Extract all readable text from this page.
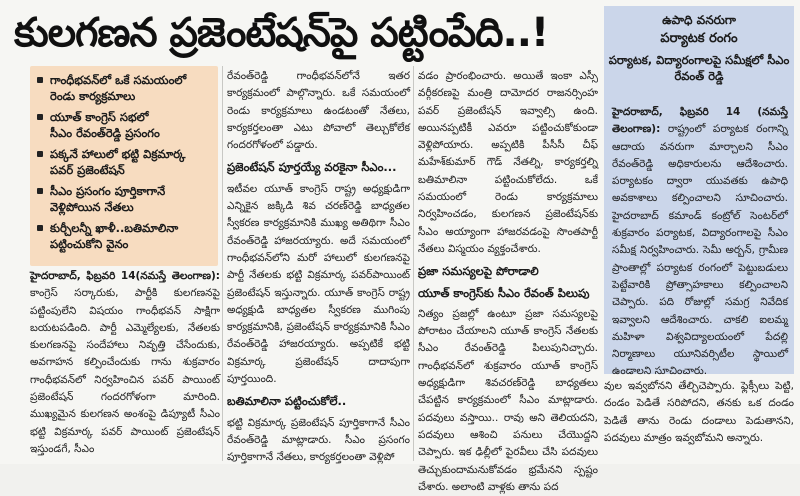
కులగణన ప్రజెంటేషన్‌పై పట్టింపేది..!
గాంధీభవన్‌లో ఒకే సమయంలో
రెండు కార్యక్రమాలు
యూత్ కాంగ్రెస్ సభలో
సీఎం రేవంత్‌రెడ్డి ప్రసంగం
పక్కనే హాలులో భట్టి విక్రమార్క
పవర్ ప్రజెంటేషన్
సీఎం ప్రసంగం పూర్తికాగానే
వెళ్లిపోయిన నేతలు
కుర్చీలన్నీ ఖాళీ..బతిమాలినా
పట్టించుకోని వైనం

హైదరాబాద్, ఫిబ్రవరి 14(నమస్తే తెలంగాణ): కాంగ్రెస్ సర్కారుకు, పార్టీకి కులగణనపై పట్టింపులేని విషయం గాంధీభవన్ సాక్షిగా బయటపడింది. పార్టీ ఎమ్మెల్యేలకు, నేతలకు కులగణనపై సందేహాలు నివృత్తి చేసేందుకు, అవగాహన కల్పించేందుకు గాను శుక్రవారం గాంధీభవన్‌లో నిర్వహించిన పవర్ పాయింట్ ప్రజెంటేషన్ గందరగోళంగా మారింది. ముఖ్యమైన కులగణన అంశంపై డిప్యూటీ సీఎం భట్టి విక్రమార్క పవర్ పాయింట్ ప్రజెంటేషన్ ఇస్తుండగే, సీఎం

రేవంత్‌రెడ్డి గాంధీభవన్‌లోనే ఇతర కార్యక్రమంలో పాల్గొన్నారు. ఒకే సమయంలో రెండు కార్యక్రమాలు ఉండటంతో నేతలు, కార్యకర్తలంతా ఎటు పోవాలో తెల్చుకోలేక గందరగోళంలో పడ్డారు.

ప్రజెంటేషన్ పూర్తయ్యే వరకైనా సీఎం...

ఇటీవల యూత్ కాంగ్రెస్ రాష్ట్ర అధ్యక్షుడిగా ఎన్నికైన జక్కిడి శివ చరణ్‌రెడ్డి బాధ్యతల స్వీకరణ కార్యక్రమానికి ముఖ్య అతిథిగా సీఎం రేవంత్‌రెడ్డి హాజరయ్యారు. అదే సమయంలో గాంధీభవన్‌లోని మరో హాలులో కులగణనపై పార్టీ నేతలకు భట్టి విక్రమార్క పవర్‌పాయింట్ ప్రజెంటేషన్ ఇస్తున్నారు. యూత్ కాంగ్రెస్ రాష్ట్ర అధ్యక్షుడి బాధ్యతల స్వీకరణ ముగింపు కార్యక్రమానికి, ప్రజెంటేషన్ కార్యక్రమానికి సీఎం రేవంత్‌రెడ్డి హాజరయ్యారు. అప్పటికే భట్టి విక్రమార్క ప్రజెంటేషన్ దాదాపుగా పూర్తయింది.

బతిమాలినా పట్టించుకోలే..

భట్టి విక్రమార్క ప్రజెంటేషన్ పూర్తికాగానే సీఎం రేవంత్‌రెడ్డి మాట్లాడారు. సీఎం ప్రసంగం పూర్తికాగానే నేతలు, కార్యకర్తలంతా వెళ్లిపో

వడం ప్రారంభించారు. అయితే ఇంకా ఎస్సీ వర్గీకరణపై మంత్రి దామోదర రాజనర్సింహ పవర్ ప్రజెంటేషన్ ఇవ్వాల్సి ఉంది. అయినప్పటికీ ఎవరూ పట్టించుకోకుండా వెళ్లిపోయారు. అప్పటికి పీసీసీ చీఫ్ మహేశ్‌కుమార్ గౌడ్ నేతల్ని, కార్యకర్తల్ని బతిమాలినా పట్టించుకోలేదు. ఒకే సమయంలో రెండు కార్యక్రమాలు నిర్వహించడం, కులగణన ప్రజెంటేషన్‌కు సీఎం అయ్యాంగా హాజరవడంపై సొంతపార్టీ నేతలు విస్మయం వ్యక్తంచేశారు.

ప్రజా సమస్యలపై పోరాడాలి
యూత్ కాంగ్రెస్‌కు సీఎం రేవంత్ పిలుపు

నిత్యం ప్రజల్లో ఉంటూ ప్రజా సమస్యలపై పోరాటం చేయాలని యూత్ కాంగ్రెస్ నేతలకు సీఎం రేవంత్‌రెడ్డి పిలుపునిచ్చారు. గాంధీభవన్‌లో శుక్రవారం యూత్ కాంగ్రెస్ అధ్యక్షుడిగా శివచరణ్‌రెడ్డి బాధ్యతలు చేపట్టిన కార్యక్రమంలో సీఎం మాట్లాడారు. పదవులు వస్తాయి.. రావు అని తెలియదని, పదవులు ఆశించి పనులు చేయొద్దని చెప్పారు. ఇక ఢిల్లీలో పైరవీలు చేసి పదవులు తెచ్చుకుందామనుకోవడం భ్రమేనని స్పష్టం చేశారు. అలాంటి వాళ్లకు తాను పద

ఉపాధి వనరుగా
పర్యాటక రంగం
పర్యాటక, విద్యారంగాలపై సమీక్షలో సీఎం రేవంత్ రెడ్డి
హైదరాబాద్, ఫిబ్రవరి 14 (నమస్తే తెలంగాణ): రాష్ట్రంలో పర్యాటక రంగాన్ని ఆదాయ వనరుగా మార్చాలని సీఎం రేవంత్‌రెడ్డి అధికారులను ఆదేశించారు. పర్యాటకం ద్వారా యువతకు ఉపాధి అవకాశాలు కల్పించాలని సూచించారు. హైదరాబాద్ కమాండ్ కంట్రోల్ సెంటర్‌లో శుక్రవారం పర్యాటక, విద్యారంగాలపై సీఎం సమీక్ష నిర్వహించారు. సెమీ అర్బన్, గ్రామీణ ప్రాంతాల్లో పర్యాటక రంగంలో పెట్టుబడులు పెట్టేవారికి ప్రోత్సాహకాలు కల్పించాలని చెప్పారు. పది రోజుల్లో సమగ్ర నివేదిక ఇవ్వాలని ఆదేశించారు. చాకలి ఐలమ్మ మహిళా విశ్వవిద్యాలయంలో పేదల్లి నిర్మాణాలు యూనివర్సిటీల స్థాయిలో ఉండాలని సూచించారు.
వుల ఇవ్వబోనని తేల్చిచెప్పారు. ఫ్లెక్సీలు పెట్టి, దండం పెడితే సరిపోదని, తనకు ఒక దండం పెడితే తాను రెండు దండాలు పెడుతానని, పదవులు మాత్రం ఇవ్వబోమని అన్నారు.
